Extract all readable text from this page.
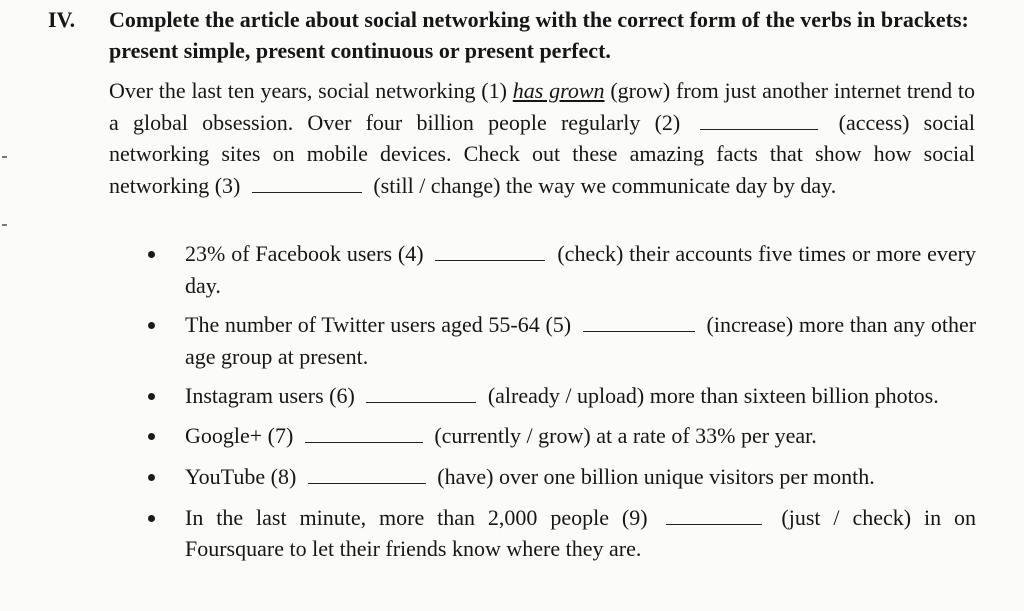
IV. Complete the article about social networking with the correct form of the verbs in brackets: present simple, present continuous or present perfect.
Over the last ten years, social networking (1) has grown (grow) from just another internet trend to a global obsession. Over four billion people regularly (2)	(access) social networking sites on mobile devices. Check out these amazing facts that show how social networking (3)	(still / change) the way we communicate day by day.
23% of Facebook users (4)	(check) their accounts five times or more every day.
The number of Twitter users aged 55-64 (5)	(increase) more than any other age group at present.
Instagram users (6)	(already / upload) more than sixteen billion photos.
Google+ (7)	(currently / grow) at a rate of 33% per year.
YouTube (8)	(have) over one billion unique visitors per month.
In the last minute, more than 2,000 people (9)	(just / check) in on Foursquare to let their friends know where they are.
